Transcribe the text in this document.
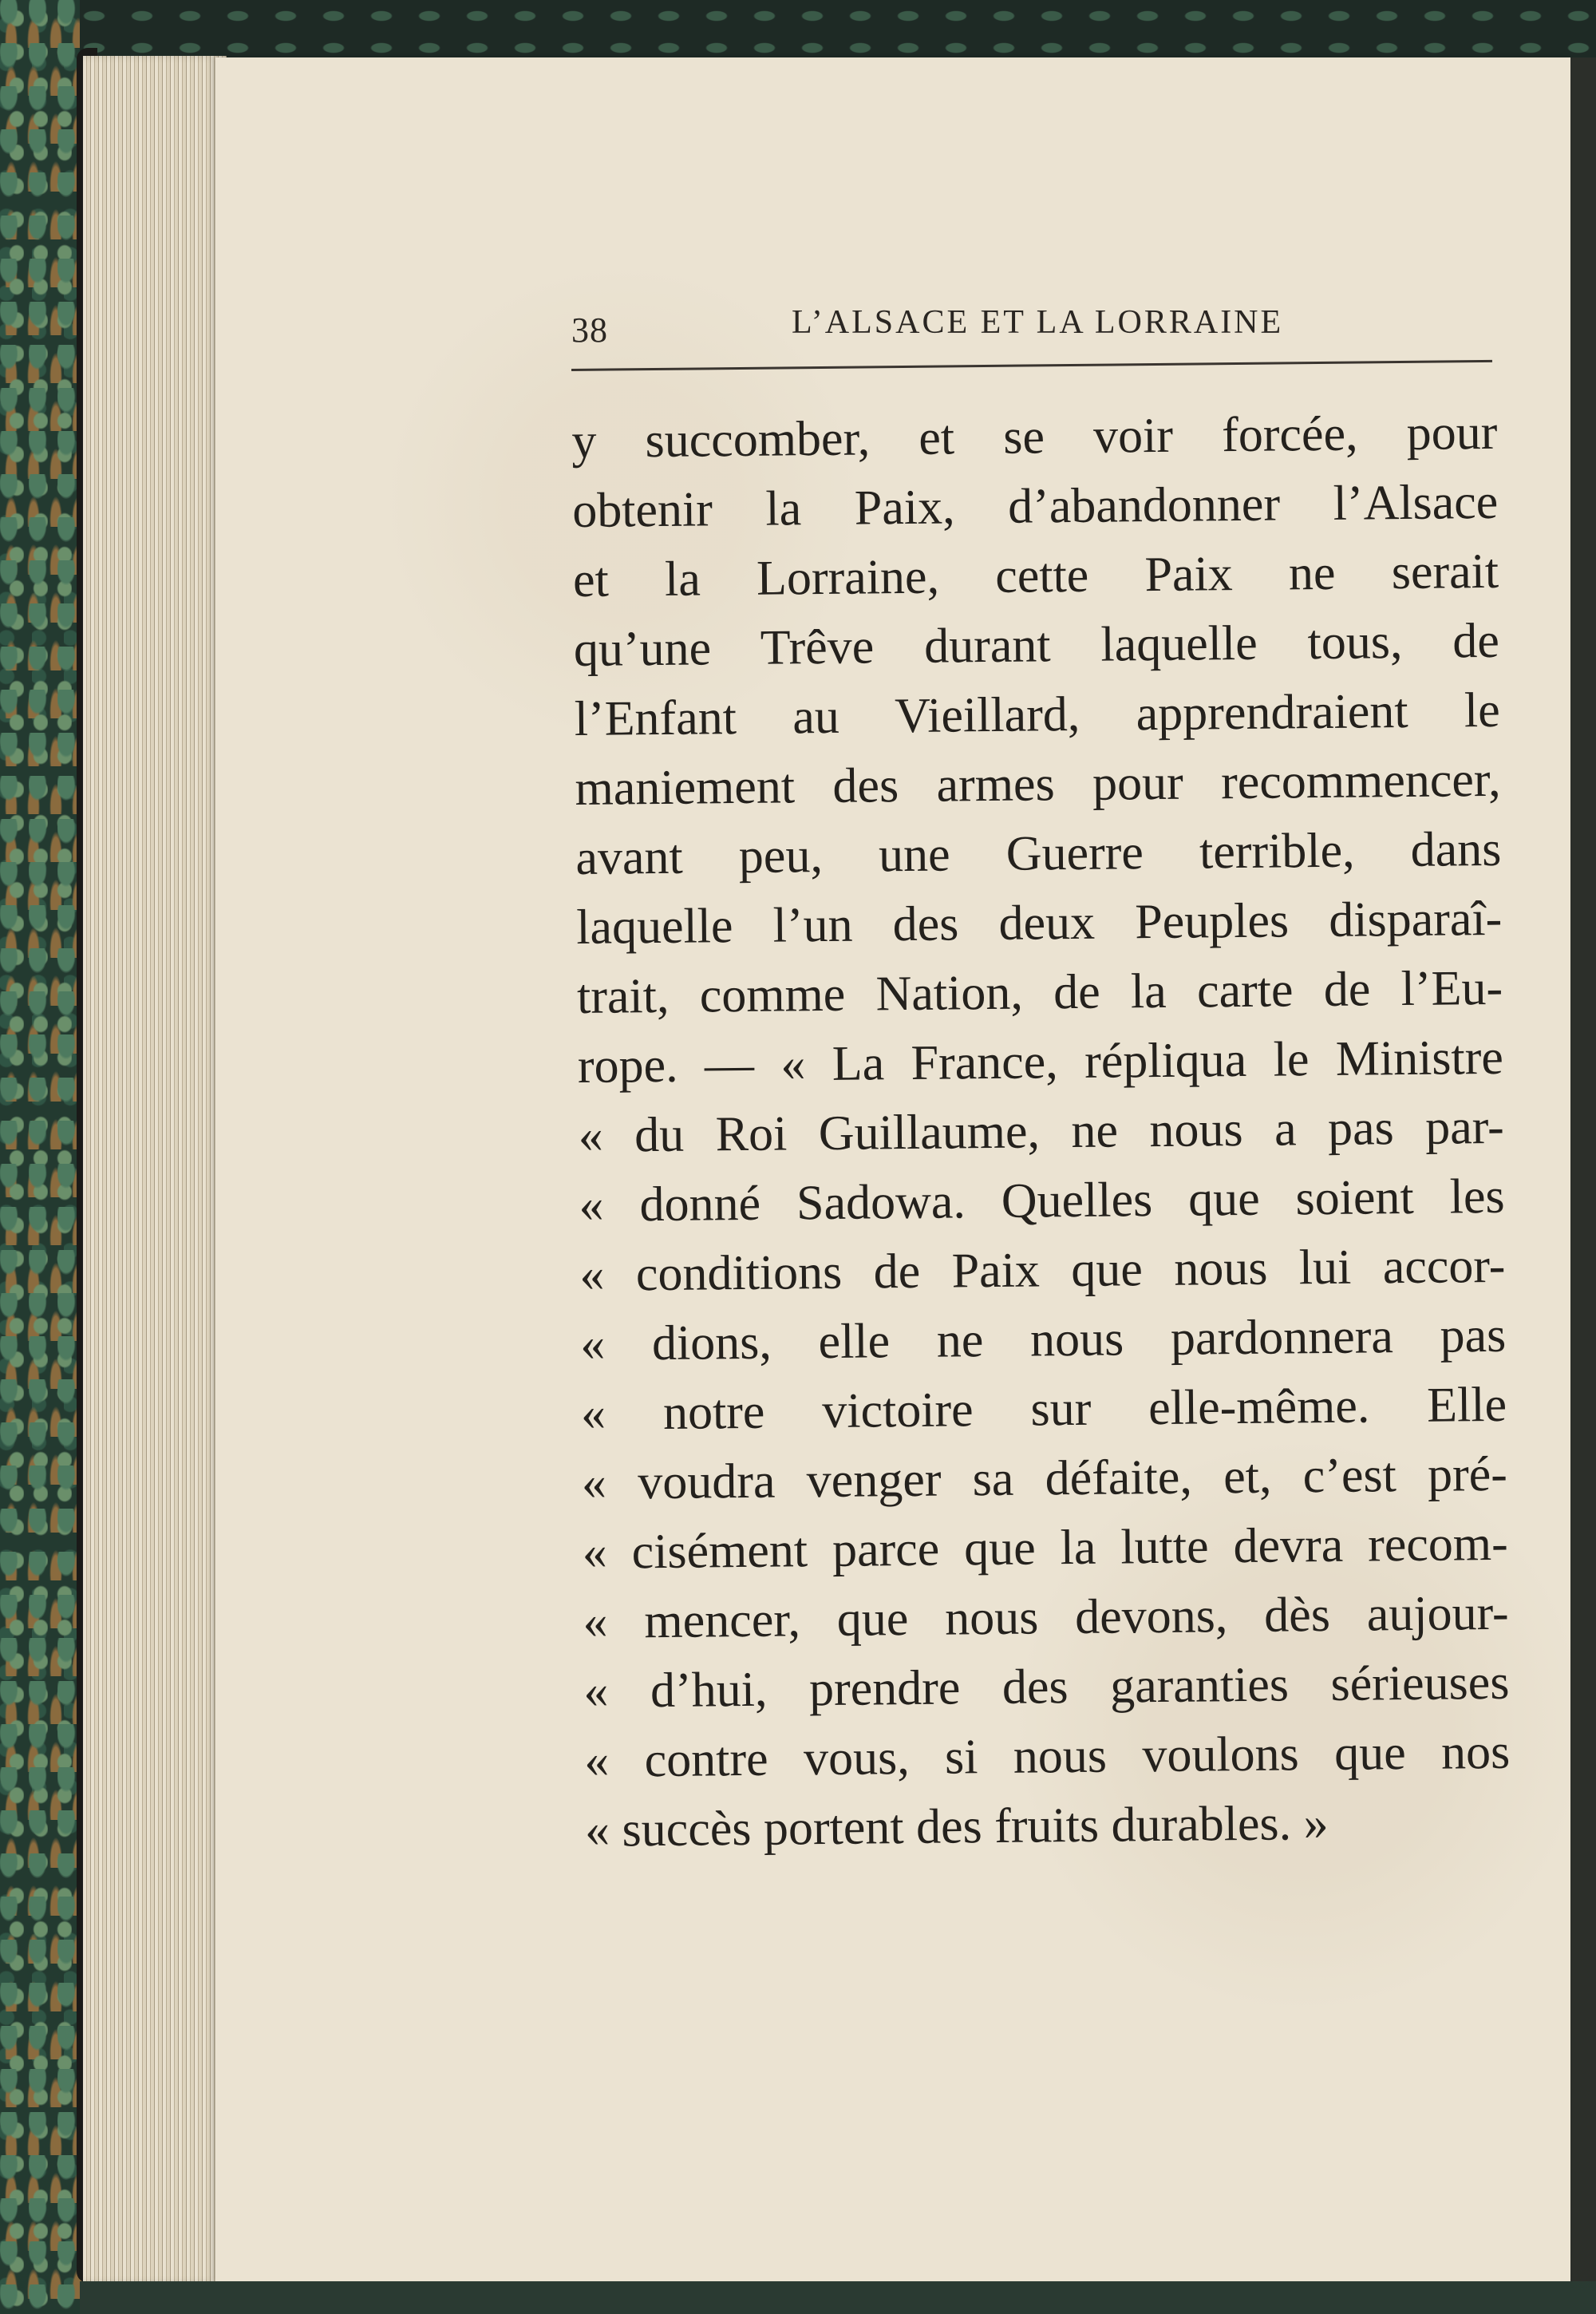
38	L’ALSACE ET LA LORRAINE
y succomber, et se voir forcée, pour
obtenir la Paix, d’abandonner l’Alsace
et la Lorraine, cette Paix ne serait
qu’une Trêve durant laquelle tous, de
l’Enfant au Vieillard, apprendraient le
maniement des armes pour recommencer,
avant peu, une Guerre terrible, dans
laquelle l’un des deux Peuples disparaî-
trait, comme Nation, de la carte de l’Eu-
rope. — « La France, répliqua le Ministre
« du Roi Guillaume, ne nous a pas par-
« donné Sadowa. Quelles que soient les
« conditions de Paix que nous lui accor-
« dions, elle ne nous pardonnera pas
« notre victoire sur elle-même. Elle
« voudra venger sa défaite, et, c’est pré-
« cisément parce que la lutte devra recom-
« mencer, que nous devons, dès aujour-
« d’hui, prendre des garanties sérieuses
« contre vous, si nous voulons que nos
« succès portent des fruits durables. »
